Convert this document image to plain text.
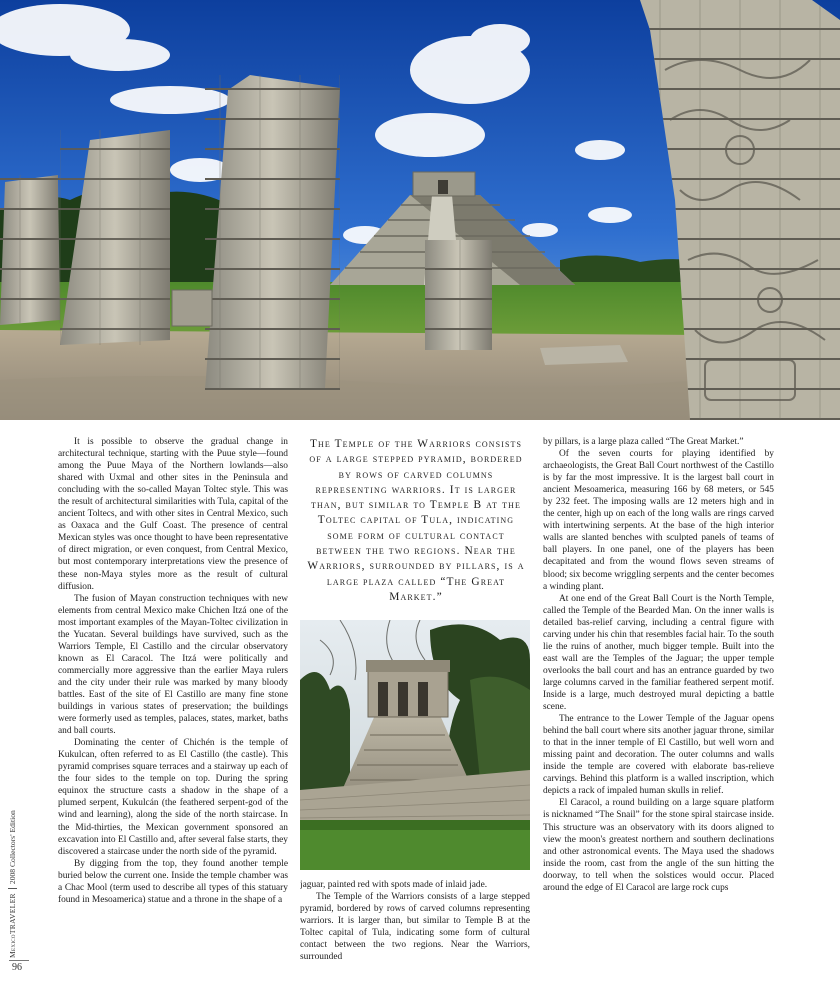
It is possible to observe the gradual change in architectural technique, starting with the Puue style—found among the Puue Maya of the Northern lowlands—also shared with Uxmal and other sites in the Peninsula and concluding with the so-called Mayan Toltec style. This was the result of architectural similarities with Tula, capital of the ancient Toltecs, and with other sites in Central Mexico, such as Oaxaca and the Gulf Coast. The presence of central Mexican styles was once thought to have been representative of direct migration, or even conquest, from Central Mexico, but most contemporary interpretations view the presence of these non-Maya styles more as the result of cultural diffusion.

The fusion of Mayan construction techniques with new elements from central Mexico make Chichen Itzá one of the most important examples of the Mayan-Toltec civilization in the Yucatan. Several buildings have survived, such as the Warriors Temple, El Castillo and the circular observatory known as El Caracol. The Itzá were politically and commercially more aggressive than the earlier Maya rulers and the city under their rule was marked by many bloody battles. East of the site of El Castillo are many fine stone buildings in various states of preservation; the buildings were formerly used as temples, palaces, states, market, baths and ball courts.

Dominating the center of Chichén is the temple of Kukulcan, often referred to as El Castillo (the castle). This pyramid comprises square terraces and a stairway up each of the four sides to the temple on top. During the spring equinox the structure casts a shadow in the shape of a plumed serpent, Kukulcán (the feathered serpent-god of the wind and learning), along the side of the north staircase. In the Mid-thirties, the Mexican government sponsored an excavation into El Castillo and, after several false starts, they discovered a staircase under the north side of the pyramid.

By digging from the top, they found another temple buried below the current one. Inside the temple chamber was a Chac Mool (term used to describe all types of this statuary found in Mesoamerica) statue and a throne in the shape of a

The Temple of the Warriors consists of a large stepped pyramid, bordered by rows of carved columns representing warriors. It is larger than, but similar to Temple B at the Toltec capital of Tula, indicating some form of cultural contact between the two regions. Near the Warriors, surrounded by pillars, is a large plaza called “The Great Market.”

jaguar, painted red with spots made of inlaid jade.

The Temple of the Warriors consists of a large stepped pyramid, bordered by rows of carved columns representing warriors. It is larger than, but similar to Temple B at the Toltec capital of Tula, indicating some form of cultural contact between the two regions. Near the Warriors, surrounded

by pillars, is a large plaza called “The Great Market.”

Of the seven courts for playing identified by archaeologists, the Great Ball Court northwest of the Castillo is by far the most impressive. It is the largest ball court in ancient Mesoamerica, measuring 166 by 68 meters, or 545 by 232 feet. The imposing walls are 12 meters high and in the center, high up on each of the long walls are rings carved with intertwining serpents. At the base of the high interior walls are slanted benches with sculpted panels of teams of ball players. In one panel, one of the players has been decapitated and from the wound flows seven streams of blood; six become wriggling serpents and the center becomes a winding plant.

At one end of the Great Ball Court is the North Temple, called the Temple of the Bearded Man. On the inner walls is detailed bas-relief carving, including a central figure with carving under his chin that resembles facial hair. To the south lie the ruins of another, much bigger temple. Built into the east wall are the Temples of the Jaguar; the upper temple overlooks the ball court and has an entrance guarded by two large columns carved in the familiar feathered serpent motif. Inside is a large, much destroyed mural depicting a battle scene.

The entrance to the Lower Temple of the Jaguar opens behind the ball court where sits another jaguar throne, similar to that in the inner temple of El Castillo, but well worn and missing paint and decoration. The outer columns and walls inside the temple are covered with elaborate bas-relieve carvings. Behind this platform is a walled inscription, which depicts a rack of impaled human skulls in relief.

El Caracol, a round building on a large square platform is nicknamed “The Snail” for the stone spiral staircase inside. This structure was an observatory with its doors aligned to view the moon's greatest northern and southern declinations and other astronomical events. The Maya used the shadows inside the room, cast from the angle of the sun hitting the doorway, to tell when the solstices would occur. Placed around the edge of El Caracol are large rock cups

MexicoTRAVELER
2008 Collectors' Edition
96
